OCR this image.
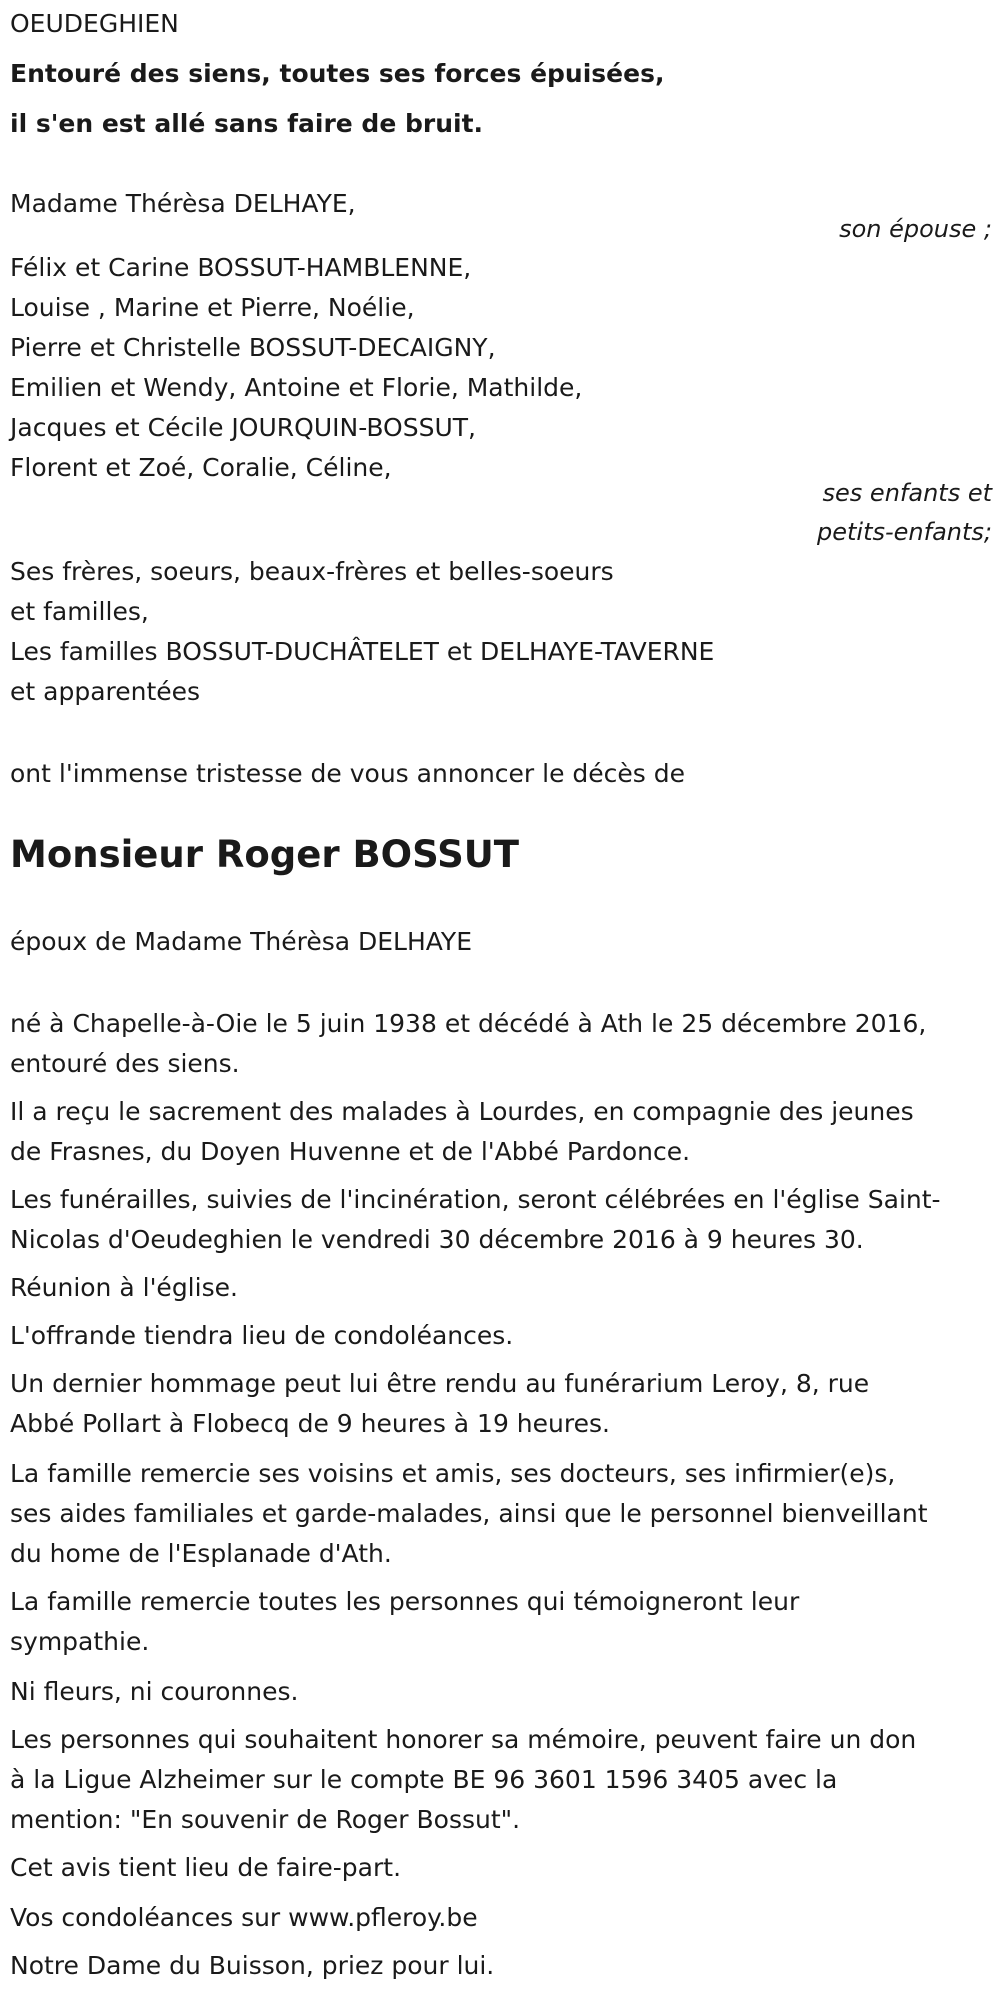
OEUDEGHIEN
Entouré des siens, toutes ses forces épuisées,
il s'en est allé sans faire de bruit.
Madame Thérèsa DELHAYE,
son épouse ;
Félix et Carine BOSSUT-HAMBLENNE,
Louise , Marine et Pierre, Noélie,
Pierre et Christelle BOSSUT-DECAIGNY,
Emilien et Wendy, Antoine et Florie, Mathilde,
Jacques et Cécile JOURQUIN-BOSSUT,
Florent et Zoé, Coralie, Céline,
ses enfants et
petits-enfants;
Ses frères, soeurs, beaux-frères et belles-soeurs
et familles,
Les familles BOSSUT-DUCHÂTELET et DELHAYE-TAVERNE
et apparentées
ont l'immense tristesse de vous annoncer le décès de
Monsieur Roger BOSSUT
époux de Madame Thérèsa DELHAYE
né à Chapelle-à-Oie le 5 juin 1938 et décédé à Ath le 25 décembre 2016,
entouré des siens.
Il a reçu le sacrement des malades à Lourdes, en compagnie des jeunes
de Frasnes, du Doyen Huvenne et de l'Abbé Pardonce.
Les funérailles, suivies de l'incinération, seront célébrées en l'église Saint-
Nicolas d'Oeudeghien le vendredi 30 décembre 2016 à 9 heures 30.
Réunion à l'église.
L'offrande tiendra lieu de condoléances.
Un dernier hommage peut lui être rendu au funérarium Leroy, 8, rue
Abbé Pollart à Flobecq de 9 heures à 19 heures.
La famille remercie ses voisins et amis, ses docteurs, ses infirmier(e)s,
ses aides familiales et garde-malades, ainsi que le personnel bienveillant
du home de l'Esplanade d'Ath.
La famille remercie toutes les personnes qui témoigneront leur
sympathie.
Ni fleurs, ni couronnes.
Les personnes qui souhaitent honorer sa mémoire, peuvent faire un don
à la Ligue Alzheimer sur le compte BE 96 3601 1596 3405 avec la
mention: "En souvenir de Roger Bossut".
Cet avis tient lieu de faire-part.
Vos condoléances sur www.pfleroy.be
Notre Dame du Buisson, priez pour lui.
